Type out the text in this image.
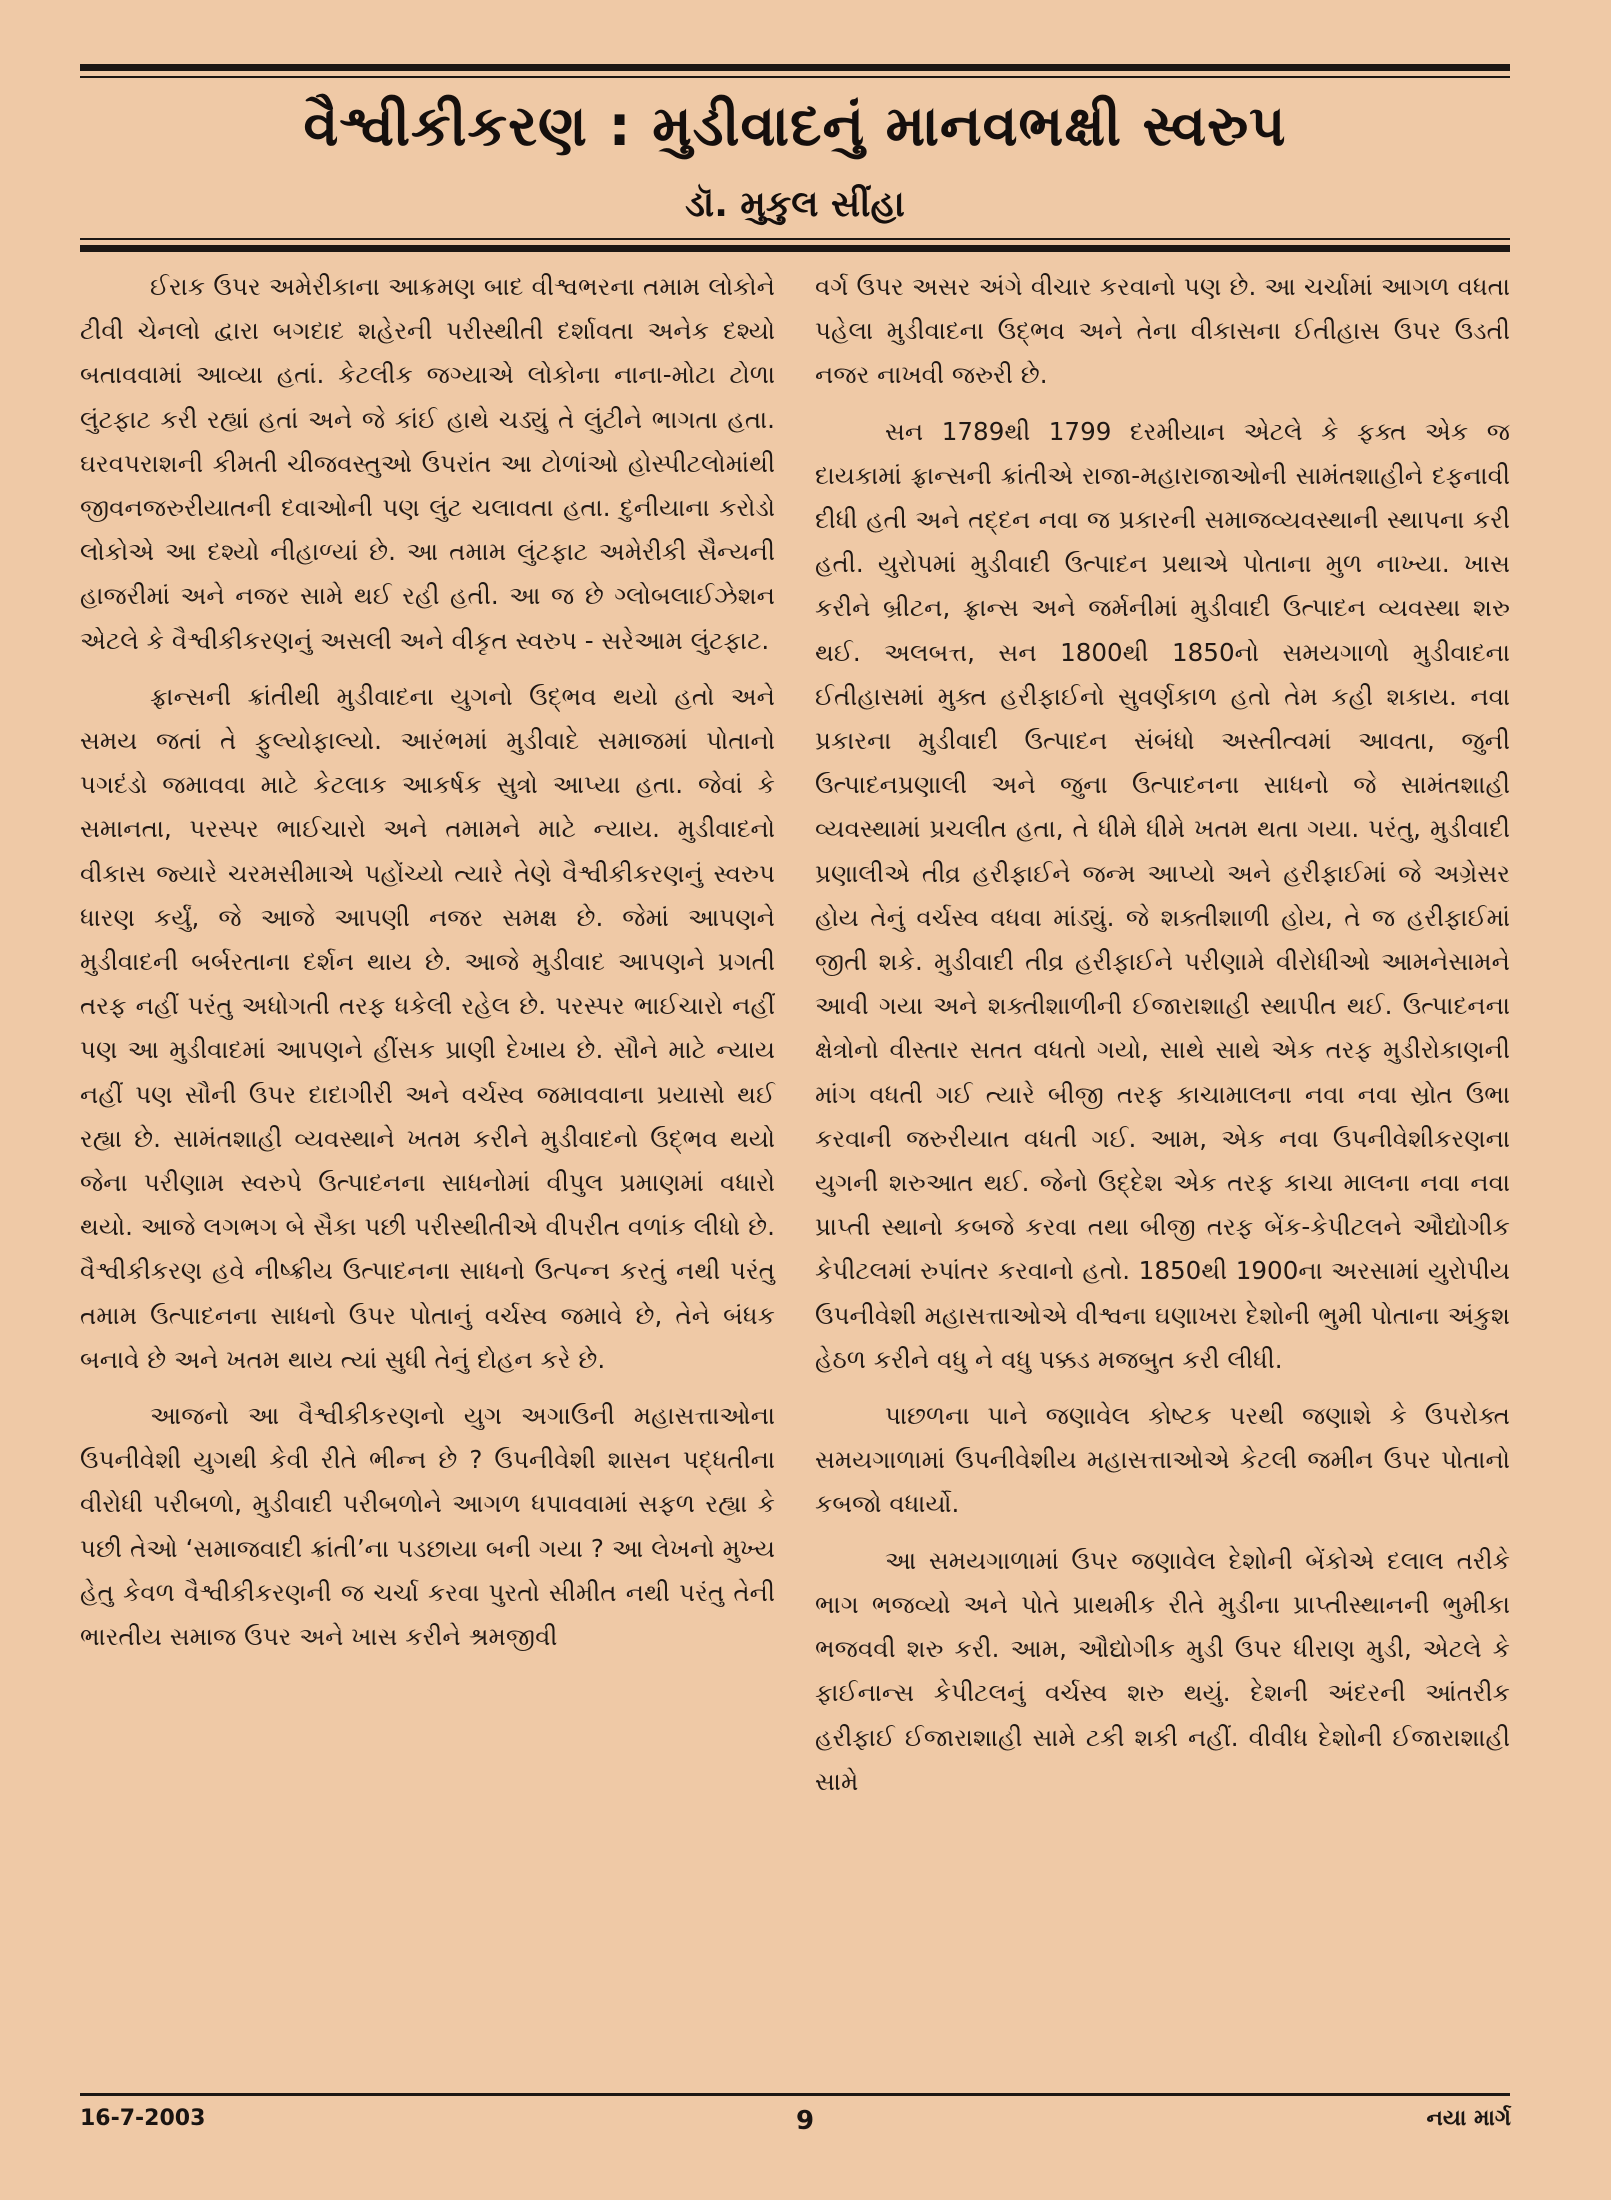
વૈશ્વીકીકરણ : મુડીવાદનું માનવભક્ષી સ્વરુપ
ડૉ. મુકુલ સીંહા

ઈરાક ઉપર અમેરીકાના આક્રમણ બાદ વીશ્વભરના તમામ લોકોને ટીવી ચેનલો દ્વારા બગદાદ શહેરની પરીસ્થીતી દર્શાવતા અનેક દશ્યો બતાવવામાં આવ્યા હતાં. કેટલીક જગ્યાએ લોકોના નાના-મોટા ટોળા લુંટફાટ કરી રહ્યાં હતાં અને જે કાંઈ હાથે ચડ્યું તે લુંટીને ભાગતા હતા. ઘરવપરાશની કીમતી ચીજવસ્તુઓ ઉપરાંત આ ટોળાંઓ હોસ્પીટલોમાંથી જીવનજરુરીયાતની દવાઓની પણ લુંટ ચલાવતા હતા. દુનીયાના કરોડો લોકોએ આ દશ્યો નીહાળ્યાં છે. આ તમામ લુંટફાટ અમેરીકી સૈન્યની હાજરીમાં અને નજર સામે થઈ રહી હતી. આ જ છે ગ્લોબલાઈઝેશન એટલે કે વૈશ્વીકીકરણનું અસલી અને વીકૃત સ્વરુપ - સરેઆમ લુંટફાટ.

ફ્રાન્સની ક્રાંતીથી મુડીવાદના યુગનો ઉદ્ભવ થયો હતો અને સમય જતાં તે ફુલ્યોફાલ્યો. આરંભમાં મુડીવાદે સમાજમાં પોતાનો પગદંડો જમાવવા માટે કેટલાક આકર્ષક સુત્રો આપ્યા હતા. જેવાં કે સમાનતા, પરસ્પર ભાઈચારો અને તમામને માટે ન્યાય. મુડીવાદનો વીકાસ જ્યારે ચરમસીમાએ પહોંચ્યો ત્યારે તેણે વૈશ્વીકીકરણનું સ્વરુપ ધારણ કર્યું, જે આજે આપણી નજર સમક્ષ છે. જેમાં આપણને મુડીવાદની બર્બરતાના દર્શન થાય છે. આજે મુડીવાદ આપણને પ્રગતી તરફ નહીં પરંતુ અધોગતી તરફ ધકેલી રહેલ છે. પરસ્પર ભાઈચારો નહીં પણ આ મુડીવાદમાં આપણને હીંસક પ્રાણી દેખાય છે. સૌને માટે ન્યાય નહીં પણ સૌની ઉપર દાદાગીરી અને વર્ચસ્વ જમાવવાના પ્રયાસો થઈ રહ્યા છે. સામંતશાહી વ્યવસ્થાને ખતમ કરીને મુડીવાદનો ઉદ્ભવ થયો જેના પરીણામ સ્વરુપે ઉત્પાદનના સાધનોમાં વીપુલ પ્રમાણમાં વધારો થયો. આજે લગભગ બે સૈકા પછી પરીસ્થીતીએ વીપરીત વળાંક લીધો છે. વૈશ્વીકીકરણ હવે નીષ્ક્રીય ઉત્પાદનના સાધનો ઉત્પન્ન કરતું નથી પરંતુ તમામ ઉત્પાદનના સાધનો ઉપર પોતાનું વર્ચસ્વ જમાવે છે, તેને બંધક બનાવે છે અને ખતમ થાય ત્યાં સુધી તેનું દોહન કરે છે.

આજનો આ વૈશ્વીકીકરણનો યુગ અગાઉની મહાસત્તાઓના ઉપનીવેશી યુગથી કેવી રીતે ભીન્ન છે ? ઉપનીવેશી શાસન પદ્ધતીના વીરોધી પરીબળો, મુડીવાદી પરીબળોને આગળ ધપાવવામાં સફળ રહ્યા કે પછી તેઓ ‘સમાજવાદી ક્રાંતી’ના પડછાયા બની ગયા ? આ લેખનો મુખ્ય હેતુ કેવળ વૈશ્વીકીકરણની જ ચર્ચા કરવા પુરતો સીમીત નથી પરંતુ તેની ભારતીય સમાજ ઉપર અને ખાસ કરીને શ્રમજીવી

વર્ગ ઉપર અસર અંગે વીચાર કરવાનો પણ છે. આ ચર્ચામાં આગળ વધતા પહેલા મુડીવાદના ઉદ્ભવ અને તેના વીકાસના ઈતીહાસ ઉપર ઉડતી નજર નાખવી જરુરી છે.

સન 1789થી 1799 દરમીયાન એટલે કે ફક્ત એક જ દાયકામાં ફ્રાન્સની ક્રાંતીએ રાજા-મહારાજાઓની સામંતશાહીને દફનાવી દીધી હતી અને તદ્દન નવા જ પ્રકારની સમાજવ્યવસ્થાની સ્થાપના કરી હતી. યુરોપમાં મુડીવાદી ઉત્પાદન પ્રથાએ પોતાના મુળ નાખ્યા. ખાસ કરીને બ્રીટન, ફ્રાન્સ અને જર્મનીમાં મુડીવાદી ઉત્પાદન વ્યવસ્થા શરુ થઈ. અલબત્ત, સન 1800થી 1850નો સમયગાળો મુડીવાદના ઈતીહાસમાં મુક્ત હરીફાઈનો સુવર્ણકાળ હતો તેમ કહી શકાય. નવા પ્રકારના મુડીવાદી ઉત્પાદન સંબંધો અસ્તીત્વમાં આવતા, જુની ઉત્પાદનપ્રણાલી અને જુના ઉત્પાદનના સાધનો જે સામંતશાહી વ્યવસ્થામાં પ્રચલીત હતા, તે ધીમે ધીમે ખતમ થતા ગયા. પરંતુ, મુડીવાદી પ્રણાલીએ તીવ્ર હરીફાઈને જન્મ આપ્યો અને હરીફાઈમાં જે અગ્રેસર હોય તેનું વર્ચસ્વ વધવા માંડ્યું. જે શક્તીશાળી હોય, તે જ હરીફાઈમાં જીતી શકે. મુડીવાદી તીવ્ર હરીફાઈને પરીણામે વીરોધીઓ આમનેસામને આવી ગયા અને શક્તીશાળીની ઈજારાશાહી સ્થાપીત થઈ. ઉત્પાદનના ક્ષેત્રોનો વીસ્તાર સતત વધતો ગયો, સાથે સાથે એક તરફ મુડીરોકાણની માંગ વધતી ગઈ ત્યારે બીજી તરફ કાચામાલના નવા નવા સ્રોત ઉભા કરવાની જરુરીયાત વધતી ગઈ. આમ, એક નવા ઉપનીવેશીકરણના યુગની શરુઆત થઈ. જેનો ઉદ્દેશ એક તરફ કાચા માલના નવા નવા પ્રાપ્તી સ્થાનો કબજે કરવા તથા બીજી તરફ બેંક-કેપીટલને ઔદ્યોગીક કેપીટલમાં રુપાંતર કરવાનો હતો. 1850થી 1900ના અરસામાં યુરોપીય ઉપનીવેશી મહાસત્તાઓએ વીશ્વના ઘણાખરા દેશોની ભુમી પોતાના અંકુશ હેઠળ કરીને વધુ ને વધુ પક્કડ મજબુત કરી લીધી.

પાછળના પાને જણાવેલ કોષ્ટક પરથી જણાશે કે ઉપરોક્ત સમયગાળામાં ઉપનીવેશીય મહાસત્તાઓએ કેટલી જમીન ઉપર પોતાનો કબજો વધાર્યો.

આ સમયગાળામાં ઉપર જણાવેલ દેશોની બેંકોએ દલાલ તરીકે ભાગ ભજવ્યો અને પોતે પ્રાથમીક રીતે મુડીના પ્રાપ્તીસ્થાનની ભુમીકા ભજવવી શરુ કરી. આમ, ઔદ્યોગીક મુડી ઉપર ધીરાણ મુડી, એટલે કે ફાઈનાન્સ કેપીટલનું વર્ચસ્વ શરુ થયું. દેશની અંદરની આંતરીક હરીફાઈ ઈજારાશાહી સામે ટકી શકી નહીં. વીવીધ દેશોની ઈજારાશાહી સામે

16-7-2003	9	નયા માર્ગ
